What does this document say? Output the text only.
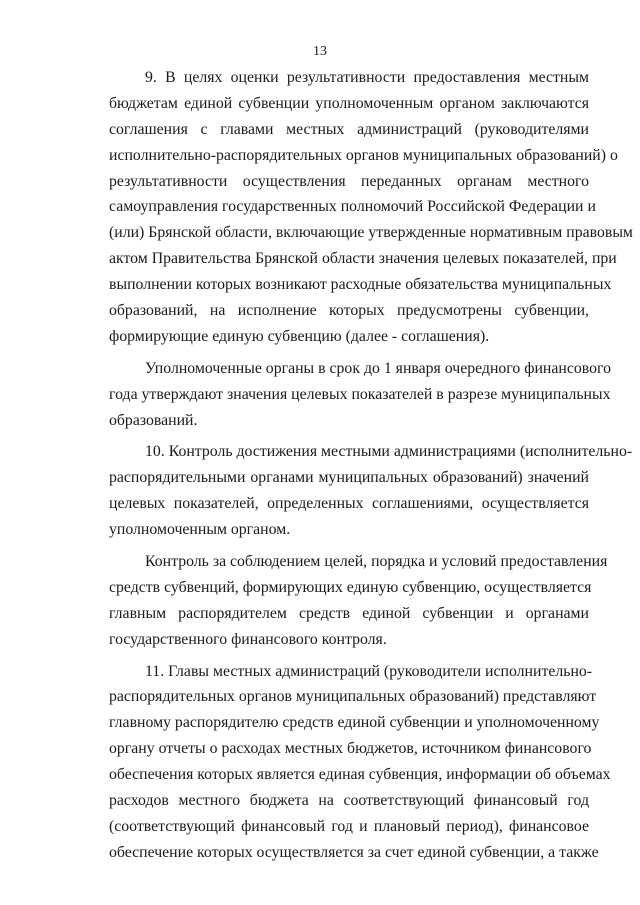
13
9. В целях оценки результативности предоставления местным
бюджетам единой субвенции уполномоченным органом заключаются
соглашения с главами местных администраций (руководителями
исполнительно-распорядительных органов муниципальных образований) о
результативности осуществления переданных органам местного
самоуправления государственных полномочий Российской Федерации и
(или) Брянской области, включающие утвержденные нормативным правовым
актом Правительства Брянской области значения целевых показателей, при
выполнении которых возникают расходные обязательства муниципальных
образований, на исполнение которых предусмотрены субвенции,
формирующие единую субвенцию (далее - соглашения).
Уполномоченные органы в срок до 1 января очередного финансового
года утверждают значения целевых показателей в разрезе муниципальных
образований.
10. Контроль достижения местными администрациями (исполнительно-
распорядительными органами муниципальных образований) значений
целевых показателей, определенных соглашениями, осуществляется
уполномоченным органом.
Контроль за соблюдением целей, порядка и условий предоставления
средств субвенций, формирующих единую субвенцию, осуществляется
главным распорядителем средств единой субвенции и органами
государственного финансового контроля.
11. Главы местных администраций (руководители исполнительно-
распорядительных органов муниципальных образований) представляют
главному распорядителю средств единой субвенции и уполномоченному
органу отчеты о расходах местных бюджетов, источником финансового
обеспечения которых является единая субвенция, информации об объемах
расходов местного бюджета на соответствующий финансовый год
(соответствующий финансовый год и плановый период), финансовое
обеспечение которых осуществляется за счет единой субвенции, а также
